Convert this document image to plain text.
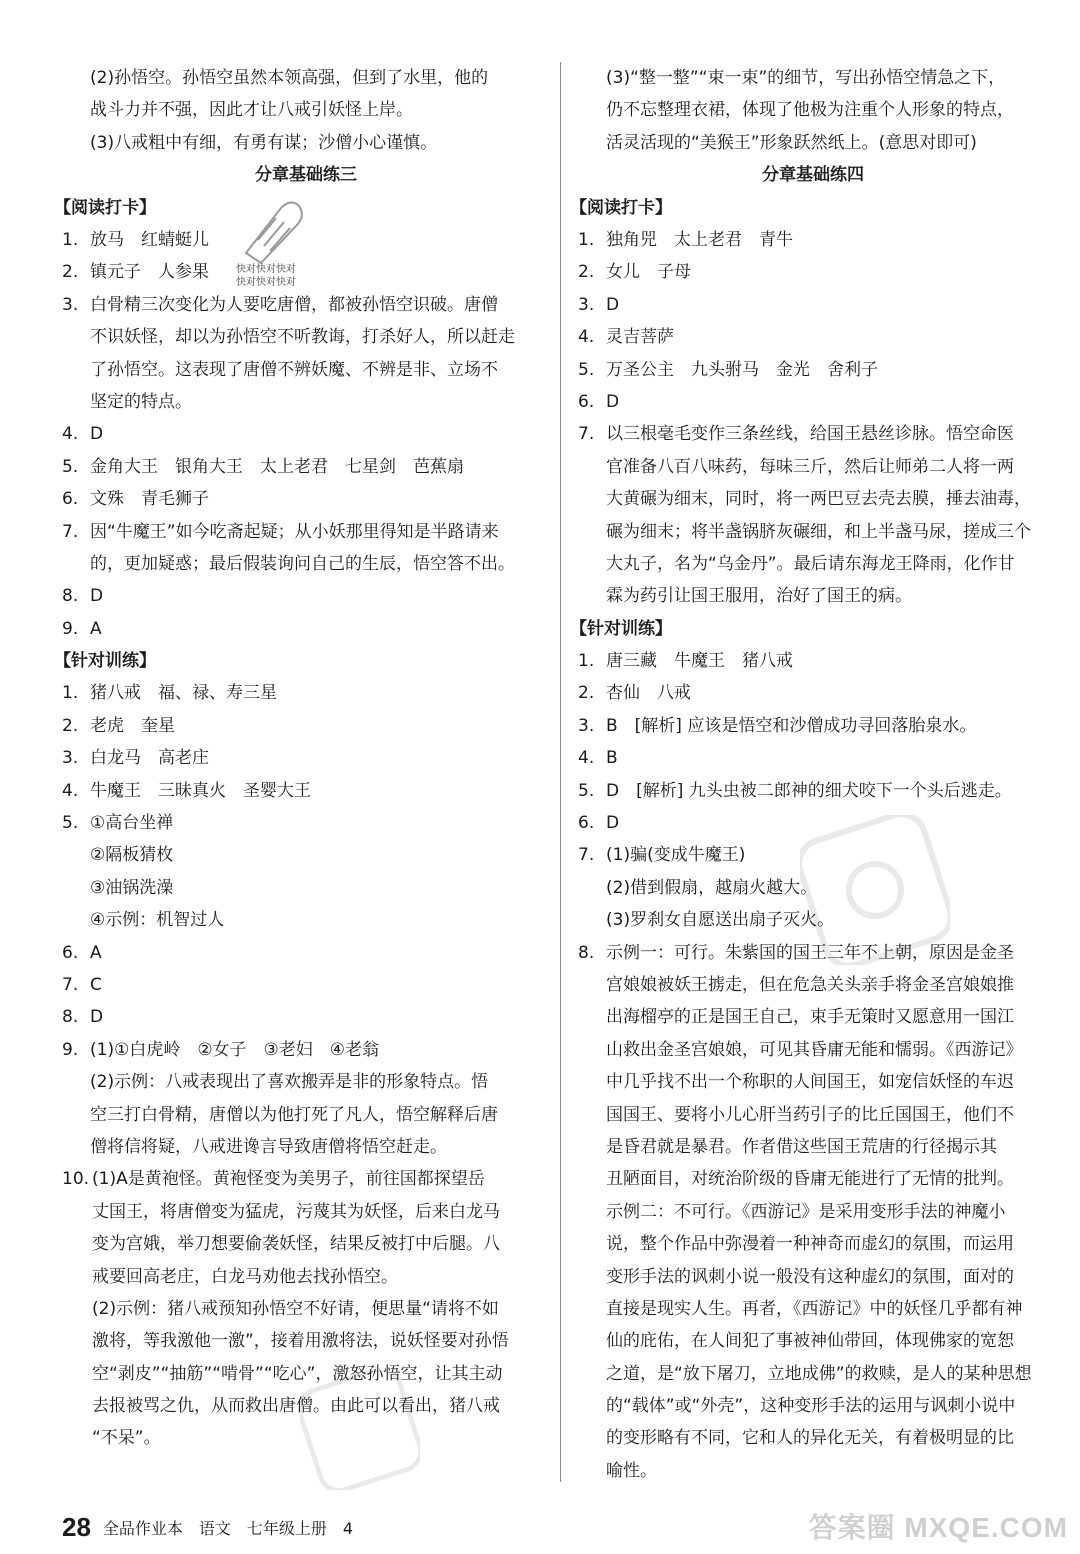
(2)孙悟空。孙悟空虽然本领高强，但到了水里，他的
战斗力并不强，因此才让八戒引妖怪上岸。
(3)八戒粗中有细，有勇有谋；沙僧小心谨慎。
分章基础练三
【阅读打卡】
1. 放马　红蜻蜓儿
2. 镇元子　人参果
3. 白骨精三次变化为人要吃唐僧，都被孙悟空识破。唐僧
不识妖怪，却以为孙悟空不听教诲，打杀好人，所以赶走
了孙悟空。这表现了唐僧不辨妖魔、不辨是非、立场不
坚定的特点。
4. D
5. 金角大王　银角大王　太上老君　七星剑　芭蕉扇
6. 文殊　青毛狮子
7. 因“牛魔王”如今吃斋起疑；从小妖那里得知是半路请来
的，更加疑惑；最后假装询问自己的生辰，悟空答不出。
8. D
9. A
【针对训练】
1. 猪八戒　福、禄、寿三星
2. 老虎　奎星
3. 白龙马　高老庄
4. 牛魔王　三昧真火　圣婴大王
5. ①高台坐禅
②隔板猜枚
③油锅洗澡
④示例：机智过人
6. A
7. C
8. D
9. (1)①白虎岭　②女子　③老妇　④老翁
(2)示例：八戒表现出了喜欢搬弄是非的形象特点。悟
空三打白骨精，唐僧以为他打死了凡人，悟空解释后唐
僧将信将疑，八戒进谗言导致唐僧将悟空赶走。
10. (1)A是黄袍怪。黄袍怪变为美男子，前往国都探望岳
丈国王，将唐僧变为猛虎，污蔑其为妖怪，后来白龙马
变为宫娥，举刀想要偷袭妖怪，结果反被打中后腿。八
戒要回高老庄，白龙马劝他去找孙悟空。
(2)示例：猪八戒预知孙悟空不好请，便思量“请将不如
激将，等我激他一激”，接着用激将法，说妖怪要对孙悟
空“剥皮”“抽筋”“啃骨”“吃心”，激怒孙悟空，让其主动
去报被骂之仇，从而救出唐僧。由此可以看出，猪八戒
“不呆”。
(3)“整一整”“束一束”的细节，写出孙悟空情急之下，
仍不忘整理衣裙，体现了他极为注重个人形象的特点，
活灵活现的“美猴王”形象跃然纸上。(意思对即可)
分章基础练四
【阅读打卡】
1. 独角兕　太上老君　青牛
2. 女儿　子母
3. D
4. 灵吉菩萨
5. 万圣公主　九头驸马　金光　舍利子
6. D
7. 以三根毫毛变作三条丝线，给国王悬丝诊脉。悟空命医
官准备八百八味药，每味三斤，然后让师弟二人将一两
大黄碾为细末，同时，将一两巴豆去壳去膜，捶去油毒，
碾为细末；将半盏锅脐灰碾细，和上半盏马尿，搓成三个
大丸子，名为“乌金丹”。最后请东海龙王降雨，化作甘
霖为药引让国王服用，治好了国王的病。
【针对训练】
1. 唐三藏　牛魔王　猪八戒
2. 杏仙　八戒
3. B　[解析] 应该是悟空和沙僧成功寻回落胎泉水。
4. B
5. D　[解析] 九头虫被二郎神的细犬咬下一个头后逃走。
6. D
7. (1)骗(变成牛魔王)
(2)借到假扇，越扇火越大。
(3)罗刹女自愿送出扇子灭火。
8. 示例一：可行。朱紫国的国王三年不上朝，原因是金圣
宫娘娘被妖王掳走，但在危急关头亲手将金圣宫娘娘推
出海榴亭的正是国王自己，束手无策时又愿意用一国江
山救出金圣宫娘娘，可见其昏庸无能和懦弱。《西游记》
中几乎找不出一个称职的人间国王，如宠信妖怪的车迟
国国王、要将小儿心肝当药引子的比丘国国王，他们不
是昏君就是暴君。作者借这些国王荒唐的行径揭示其
丑陋面目，对统治阶级的昏庸无能进行了无情的批判。
示例二：不可行。《西游记》是采用变形手法的神魔小
说，整个作品中弥漫着一种神奇而虚幻的氛围，而运用
变形手法的讽刺小说一般没有这种虚幻的氛围，面对的
直接是现实人生。再者，《西游记》中的妖怪几乎都有神
仙的庇佑，在人间犯了事被神仙带回，体现佛家的宽恕
之道，是“放下屠刀，立地成佛”的救赎，是人的某种思想
的“载体”或“外壳”，这种变形手法的运用与讽刺小说中
的变形略有不同，它和人的异化无关，有着极明显的比
喻性。
快对快对快对
快对快对快对
28 全品作业本　语文　七年级上册　4	答案圈 MXQE.COM
